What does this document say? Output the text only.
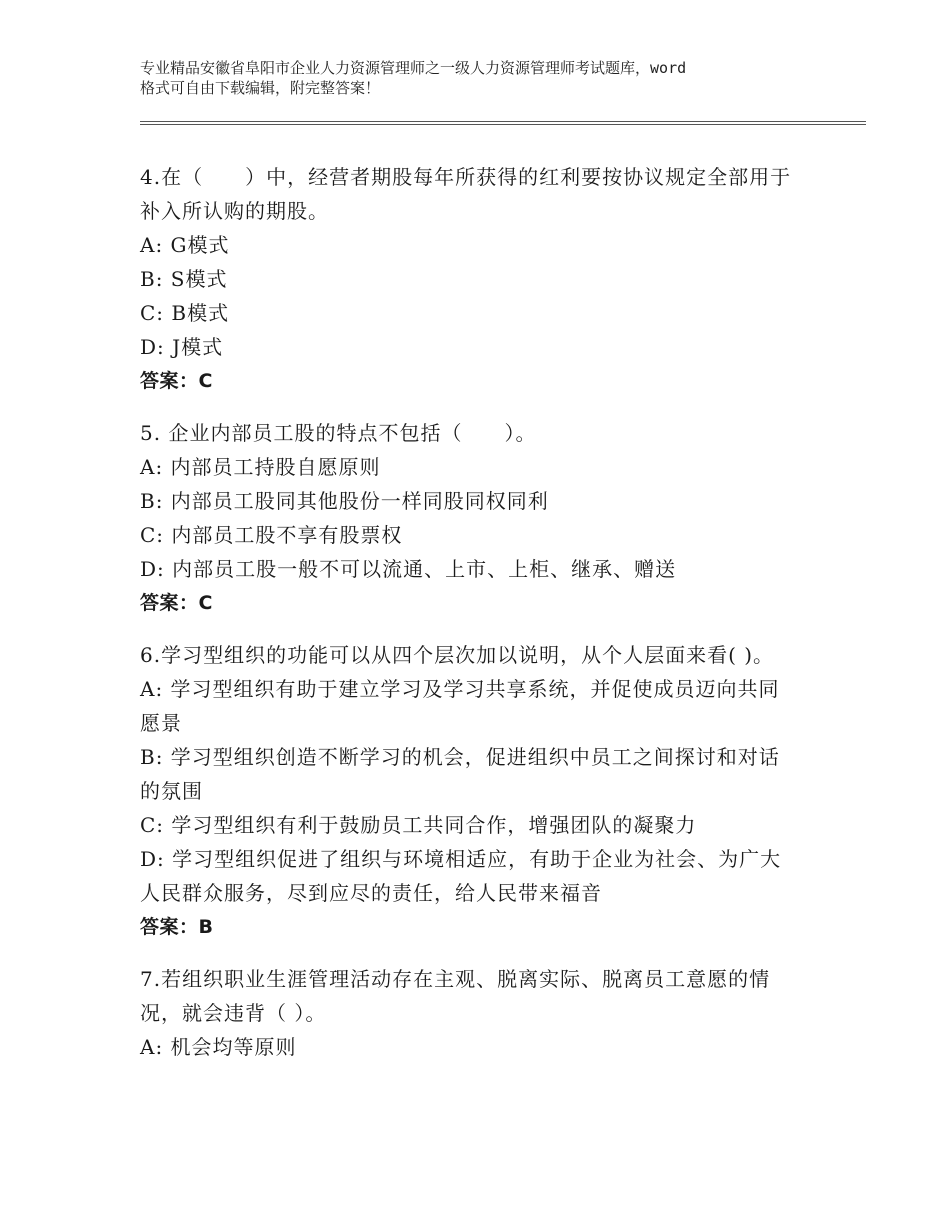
专业精品安徽省阜阳市企业人力资源管理师之一级人力资源管理师考试题库，word
格式可自由下载编辑，附完整答案！
4.在（　　）中，经营者期股每年所获得的红利要按协议规定全部用于
补入所认购的期股。
A: G模式
B: S模式
C: B模式
D: J模式
答案：C
5. 企业内部员工股的特点不包括（　　）。
A: 内部员工持股自愿原则
B: 内部员工股同其他股份一样同股同权同利
C: 内部员工股不享有股票权
D: 内部员工股一般不可以流通、上市、上柜、继承、赠送
答案：C
6.学习型组织的功能可以从四个层次加以说明，从个人层面来看( )。
A: 学习型组织有助于建立学习及学习共享系统，并促使成员迈向共同
愿景
B: 学习型组织创造不断学习的机会，促进组织中员工之间探讨和对话
的氛围
C: 学习型组织有利于鼓励员工共同合作，增强团队的凝聚力
D: 学习型组织促进了组织与环境相适应，有助于企业为社会、为广大
人民群众服务，尽到应尽的责任，给人民带来福音
答案：B
7.若组织职业生涯管理活动存在主观、脱离实际、脱离员工意愿的情
况，就会违背（ ）。
A: 机会均等原则
